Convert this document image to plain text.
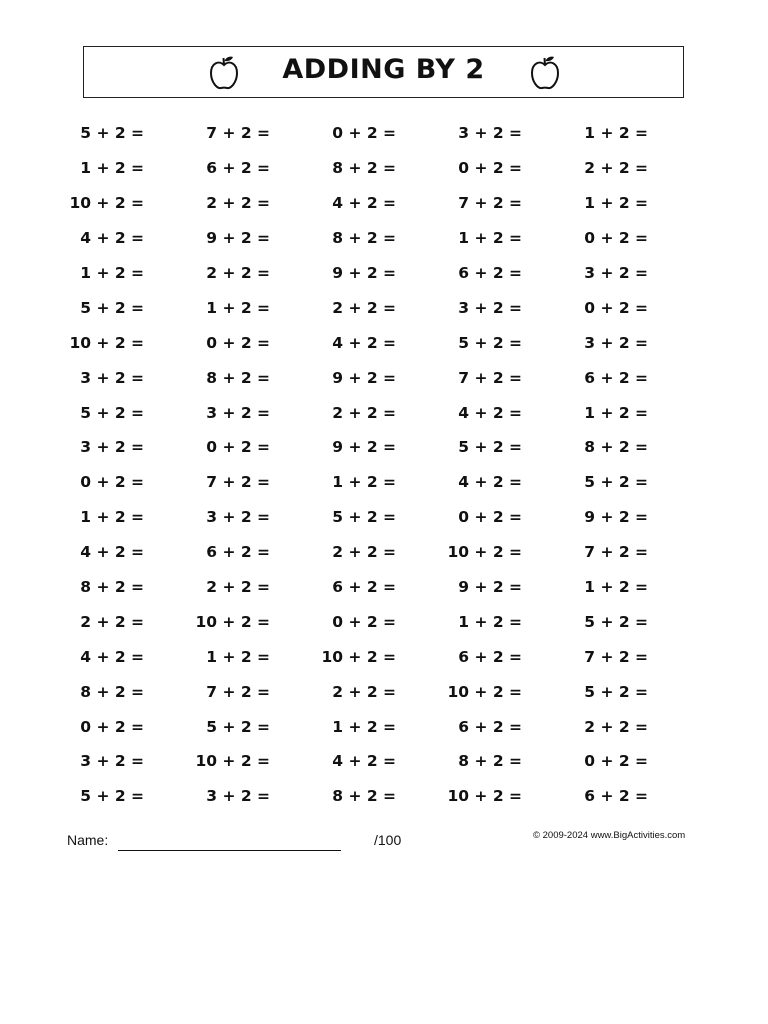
ADDING BY 2
5 + 2 =	7 + 2 =	0 + 2 =	3 + 2 =	1 + 2 =
1 + 2 =	6 + 2 =	8 + 2 =	0 + 2 =	2 + 2 =
10 + 2 =	2 + 2 =	4 + 2 =	7 + 2 =	1 + 2 =
4 + 2 =	9 + 2 =	8 + 2 =	1 + 2 =	0 + 2 =
1 + 2 =	2 + 2 =	9 + 2 =	6 + 2 =	3 + 2 =
5 + 2 =	1 + 2 =	2 + 2 =	3 + 2 =	0 + 2 =
10 + 2 =	0 + 2 =	4 + 2 =	5 + 2 =	3 + 2 =
3 + 2 =	8 + 2 =	9 + 2 =	7 + 2 =	6 + 2 =
5 + 2 =	3 + 2 =	2 + 2 =	4 + 2 =	1 + 2 =
3 + 2 =	0 + 2 =	9 + 2 =	5 + 2 =	8 + 2 =
0 + 2 =	7 + 2 =	1 + 2 =	4 + 2 =	5 + 2 =
1 + 2 =	3 + 2 =	5 + 2 =	0 + 2 =	9 + 2 =
4 + 2 =	6 + 2 =	2 + 2 =	10 + 2 =	7 + 2 =
8 + 2 =	2 + 2 =	6 + 2 =	9 + 2 =	1 + 2 =
2 + 2 =	10 + 2 =	0 + 2 =	1 + 2 =	5 + 2 =
4 + 2 =	1 + 2 =	10 + 2 =	6 + 2 =	7 + 2 =
8 + 2 =	7 + 2 =	2 + 2 =	10 + 2 =	5 + 2 =
0 + 2 =	5 + 2 =	1 + 2 =	6 + 2 =	2 + 2 =
3 + 2 =	10 + 2 =	4 + 2 =	8 + 2 =	0 + 2 =
5 + 2 =	3 + 2 =	8 + 2 =	10 + 2 =	6 + 2 =
Name:	/100	© 2009-2024 www.BigActivities.com
